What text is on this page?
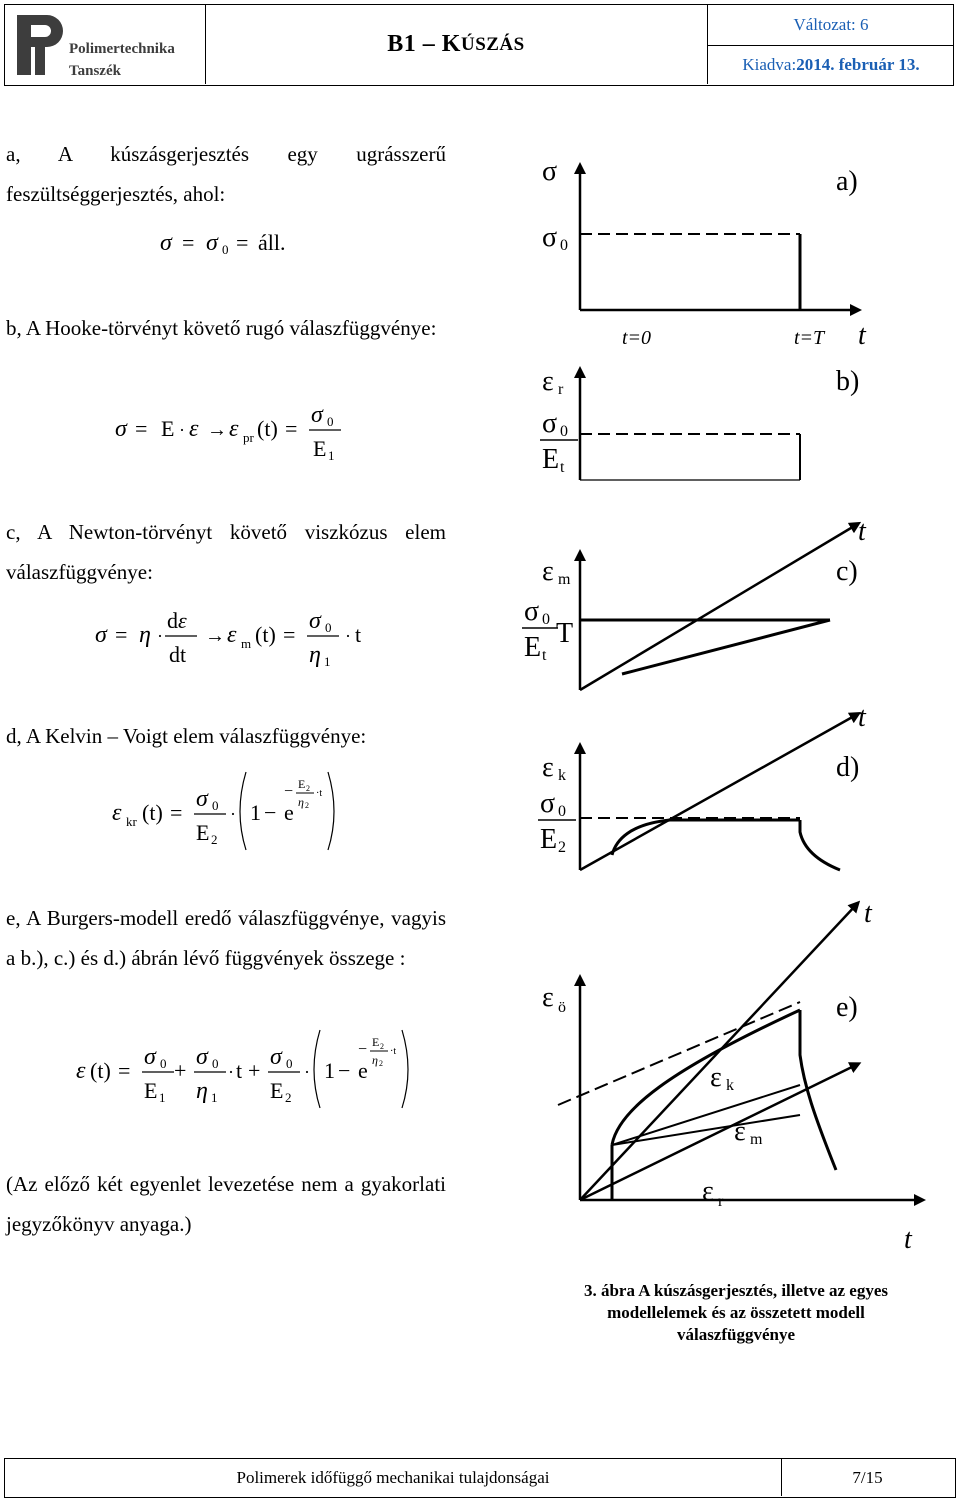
Polimertechnika
Tanszék
B1 – K ÚSZÁS
Változat: 6
Kiadva: 2014. február 13.

a, A kúszásgerjesztés egy ugrásszerű feszültséggerjesztés, ahol:

σ = σ 0 = áll.

b, A Hooke-törvényt követő rugó válaszfüggvénye:

σ = E · ε → ε pr (t) =
σ 0
E 1

c, A Newton-törvényt követő viszkózus elem válaszfüggvénye:

σ = η ·
dε
dt
→ ε m (t) =
σ 0
η 1
· t

d, A Kelvin – Voigt elem válaszfüggvénye:

ε kr (t) =
σ 0
E 2
· 1 − e
− E 2
η 2
·t

e, A Burgers-modell eredő válaszfüggvénye, vagyis a b.), c.) és d.) ábrán lévő függvények összege :

ε (t) =
σ 0
E 1
+
σ 0
η 1
· t +
σ 0
E 2
· 1 − e
− E 2
η 2
·t

(Az előző két egyenlet levezetése nem a gyakorlati jegyzőkönyv anyaga.)

σ
σ 0
a)
t=0	t=T t
ε r	b)
σ 0
E t
t
ε m	c)
σ 0
E t
T
t
ε k	d)
σ 0
E 2
t
ε ö	e)
ε k
ε m
ε r
t
3. ábra A kúszásgerjesztés, illetve az egyes modellelemek és az összetett modell válaszfüggvénye
Polimerek időfüggő mechanikai tulajdonságai	7/15
